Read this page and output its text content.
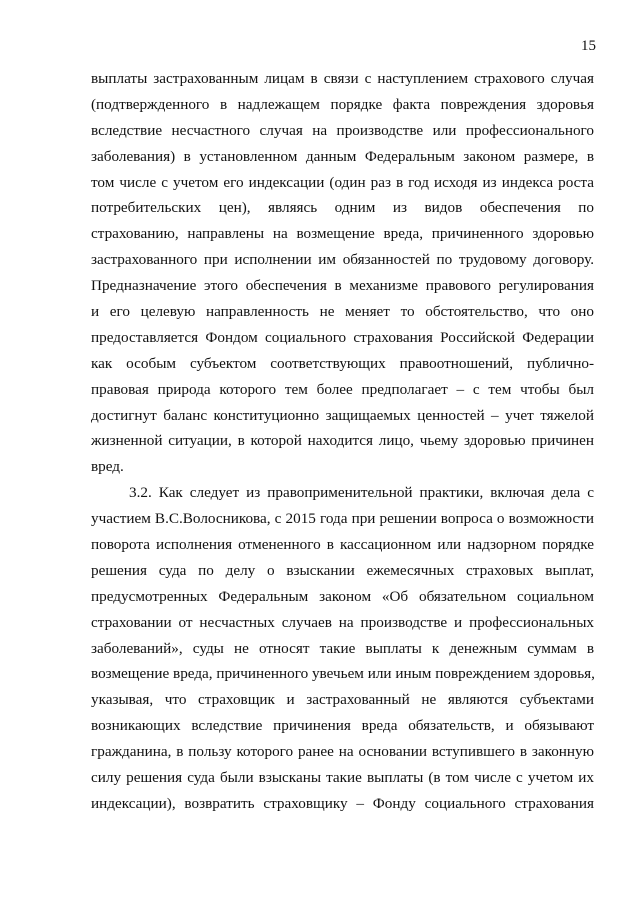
15
выплаты застрахованным лицам в связи с наступлением страхового случая
(подтвержденного в надлежащем порядке факта повреждения здоровья
вследствие несчастного случая на производстве или профессионального
заболевания) в установленном данным Федеральным законом размере, в
том числе с учетом его индексации (один раз в год исходя из индекса роста
потребительских цен), являясь одним из видов обеспечения по
страхованию, направлены на возмещение вреда, причиненного здоровью
застрахованного при исполнении им обязанностей по трудовому договору.
Предназначение этого обеспечения в механизме правового регулирования
и его целевую направленность не меняет то обстоятельство, что оно
предоставляется Фондом социального страхования Российской Федерации
как особым субъектом соответствующих правоотношений, публично-
правовая природа которого тем более предполагает – с тем чтобы был
достигнут баланс конституционно защищаемых ценностей – учет тяжелой
жизненной ситуации, в которой находится лицо, чьему здоровью причинен
вред.
3.2. Как следует из правоприменительной практики, включая дела с
участием В.С.Волосникова, с 2015 года при решении вопроса о возможности
поворота исполнения отмененного в кассационном или надзорном порядке
решения суда по делу о взыскании ежемесячных страховых выплат,
предусмотренных Федеральным законом «Об обязательном социальном
страховании от несчастных случаев на производстве и профессиональных
заболеваний», суды не относят такие выплаты к денежным суммам в
возмещение вреда, причиненного увечьем или иным повреждением здоровья,
указывая, что страховщик и застрахованный не являются субъектами
возникающих вследствие причинения вреда обязательств, и обязывают
гражданина, в пользу которого ранее на основании вступившего в законную
силу решения суда были взысканы такие выплаты (в том числе с учетом их
индексации), возвратить страховщику – Фонду социального страхования
